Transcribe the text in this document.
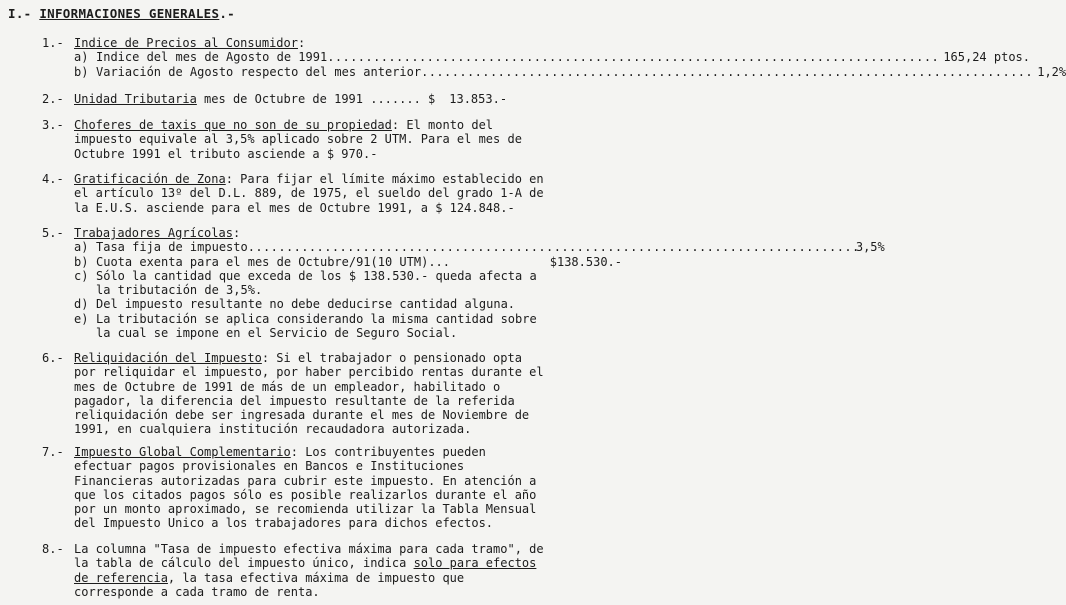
I.- INFORMACIONES GENERALES.-
1.- Indice de Precios al Consumidor:
a) Indice del mes de Agosto de 1991 . . .	165,24 ptos.
b) Variación de Agosto respecto del mes anterior . . .	1,2%
2.- Unidad Tributaria mes de Octubre de 1991 ....... $ 13.853.-
3.- Choferes de taxis que no son de su propiedad: El monto del
impuesto equivale al 3,5% aplicado sobre 2 UTM. Para el mes de
Octubre 1991 el tributo asciende a $ 970.-
4.- Gratificación de Zona: Para fijar el límite máximo establecido en
el artículo 13º del D.L. 889, de 1975, el sueldo del grado 1-A de
la E.U.S. asciende para el mes de Octubre 1991, a $ 124.848.-
5.- Trabajadores Agrícolas:
a) Tasa fija de impuesto . . .	3,5%
b) Cuota exenta para el mes de Octubre/91(10 UTM)...	$138.530.-
c) Sólo la cantidad que exceda de los $ 138.530.- queda afecta a
la tributación de 3,5%.
d) Del impuesto resultante no debe deducirse cantidad alguna.
e) La tributación se aplica considerando la misma cantidad sobre
la cual se impone en el Servicio de Seguro Social.
6.- Reliquidación del Impuesto: Si el trabajador o pensionado opta
por reliquidar el impuesto, por haber percibido rentas durante el
mes de Octubre de 1991 de más de un empleador, habilitado o
pagador, la diferencia del impuesto resultante de la referida
reliquidación debe ser ingresada durante el mes de Noviembre de
1991, en cualquiera institución recaudadora autorizada.
7.- Impuesto Global Complementario: Los contribuyentes pueden
efectuar pagos provisionales en Bancos e Instituciones
Financieras autorizadas para cubrir este impuesto. En atención a
que los citados pagos sólo es posible realizarlos durante el año
por un monto aproximado, se recomienda utilizar la Tabla Mensual
del Impuesto Unico a los trabajadores para dichos efectos.
8.- La columna "Tasa de impuesto efectiva máxima para cada tramo", de
la tabla de cálculo del impuesto único, indica solo para efectos
de referencia, la tasa efectiva máxima de impuesto que
corresponde a cada tramo de renta.
